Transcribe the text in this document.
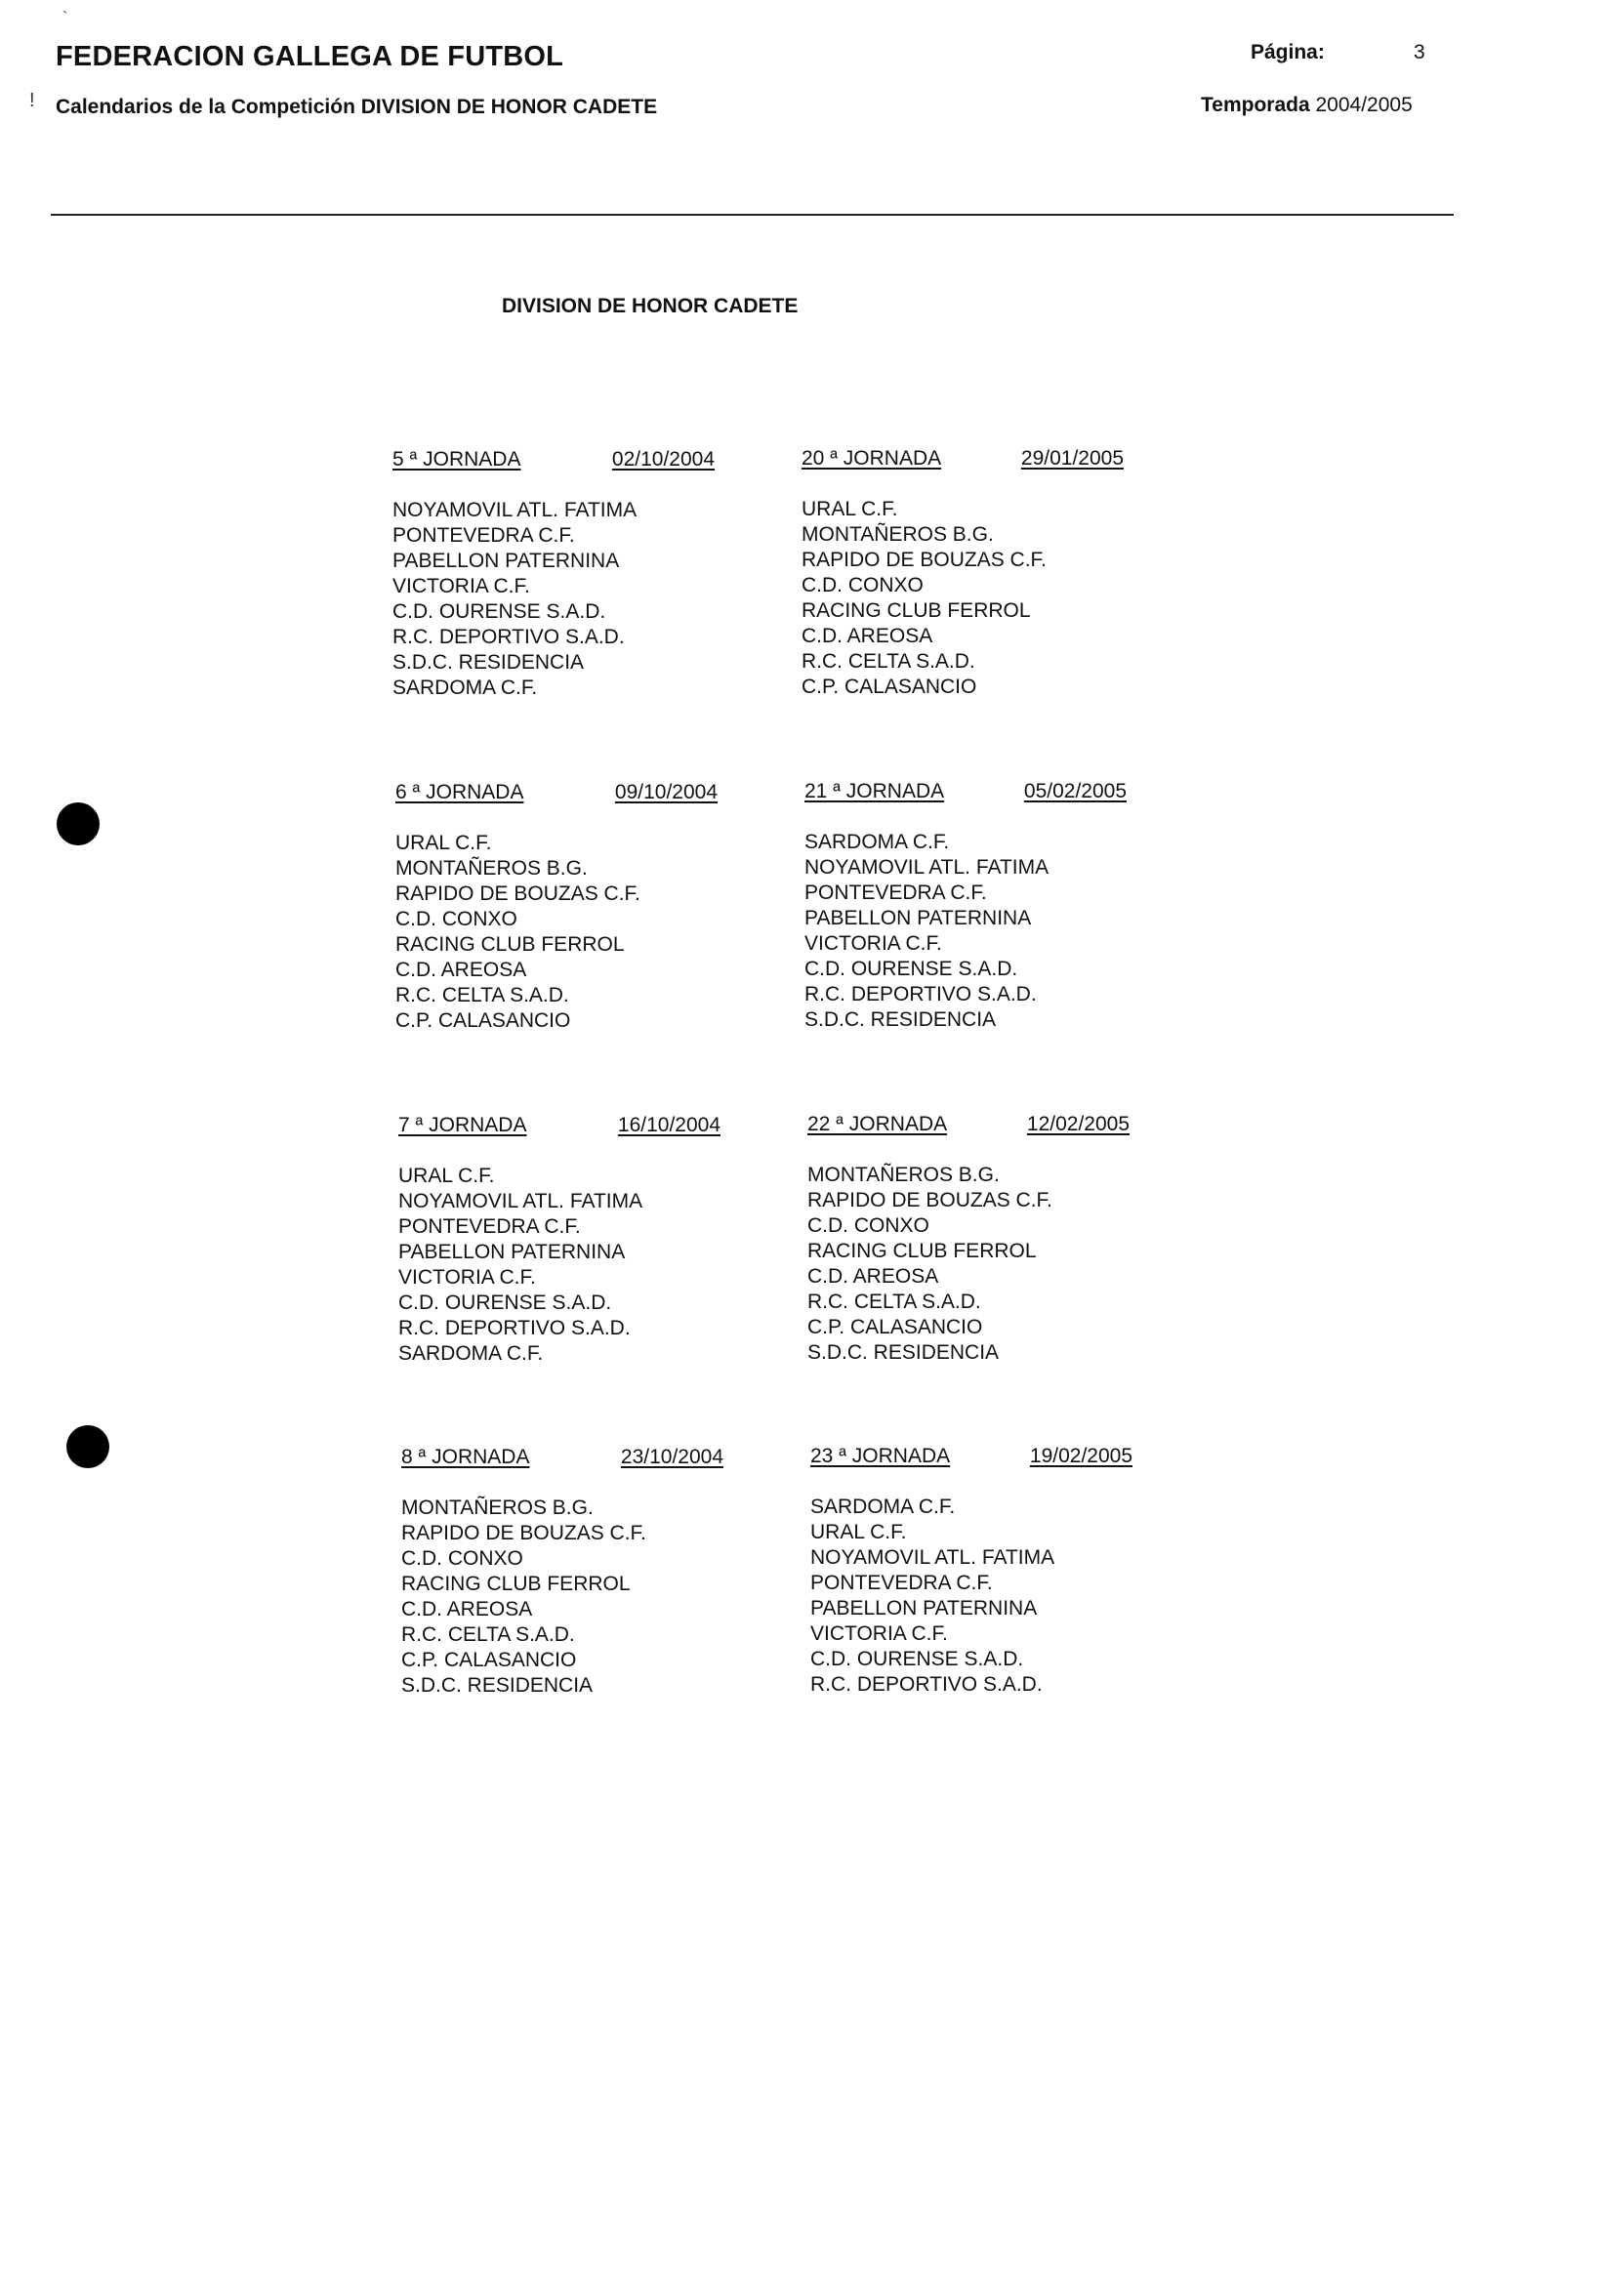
`
!
FEDERACION GALLEGA DE FUTBOL
Calendarios de la Competición DIVISION DE HONOR CADETE
Página:	3
Temporada 2004/2005
DIVISION DE HONOR CADETE
5 ª JORNADA	02/10/2004
NOYAMOVIL ATL. FATIMA
PONTEVEDRA C.F.
PABELLON PATERNINA
VICTORIA C.F.
C.D. OURENSE S.A.D.
R.C. DEPORTIVO S.A.D.
S.D.C. RESIDENCIA
SARDOMA C.F.
20 ª JORNADA	29/01/2005
URAL C.F.
MONTAÑEROS B.G.
RAPIDO DE BOUZAS C.F.
C.D. CONXO
RACING CLUB FERROL
C.D. AREOSA
R.C. CELTA S.A.D.
C.P. CALASANCIO
6 ª JORNADA	09/10/2004
URAL C.F.
MONTAÑEROS B.G.
RAPIDO DE BOUZAS C.F.
C.D. CONXO
RACING CLUB FERROL
C.D. AREOSA
R.C. CELTA S.A.D.
C.P. CALASANCIO
21 ª JORNADA	05/02/2005
SARDOMA C.F.
NOYAMOVIL ATL. FATIMA
PONTEVEDRA C.F.
PABELLON PATERNINA
VICTORIA C.F.
C.D. OURENSE S.A.D.
R.C. DEPORTIVO S.A.D.
S.D.C. RESIDENCIA
7 ª JORNADA	16/10/2004
URAL C.F.
NOYAMOVIL ATL. FATIMA
PONTEVEDRA C.F.
PABELLON PATERNINA
VICTORIA C.F.
C.D. OURENSE S.A.D.
R.C. DEPORTIVO S.A.D.
SARDOMA C.F.
22 ª JORNADA	12/02/2005
MONTAÑEROS B.G.
RAPIDO DE BOUZAS C.F.
C.D. CONXO
RACING CLUB FERROL
C.D. AREOSA
R.C. CELTA S.A.D.
C.P. CALASANCIO
S.D.C. RESIDENCIA
8 ª JORNADA	23/10/2004
MONTAÑEROS B.G.
RAPIDO DE BOUZAS C.F.
C.D. CONXO
RACING CLUB FERROL
C.D. AREOSA
R.C. CELTA S.A.D.
C.P. CALASANCIO
S.D.C. RESIDENCIA
23 ª JORNADA	19/02/2005
SARDOMA C.F.
URAL C.F.
NOYAMOVIL ATL. FATIMA
PONTEVEDRA C.F.
PABELLON PATERNINA
VICTORIA C.F.
C.D. OURENSE S.A.D.
R.C. DEPORTIVO S.A.D.
